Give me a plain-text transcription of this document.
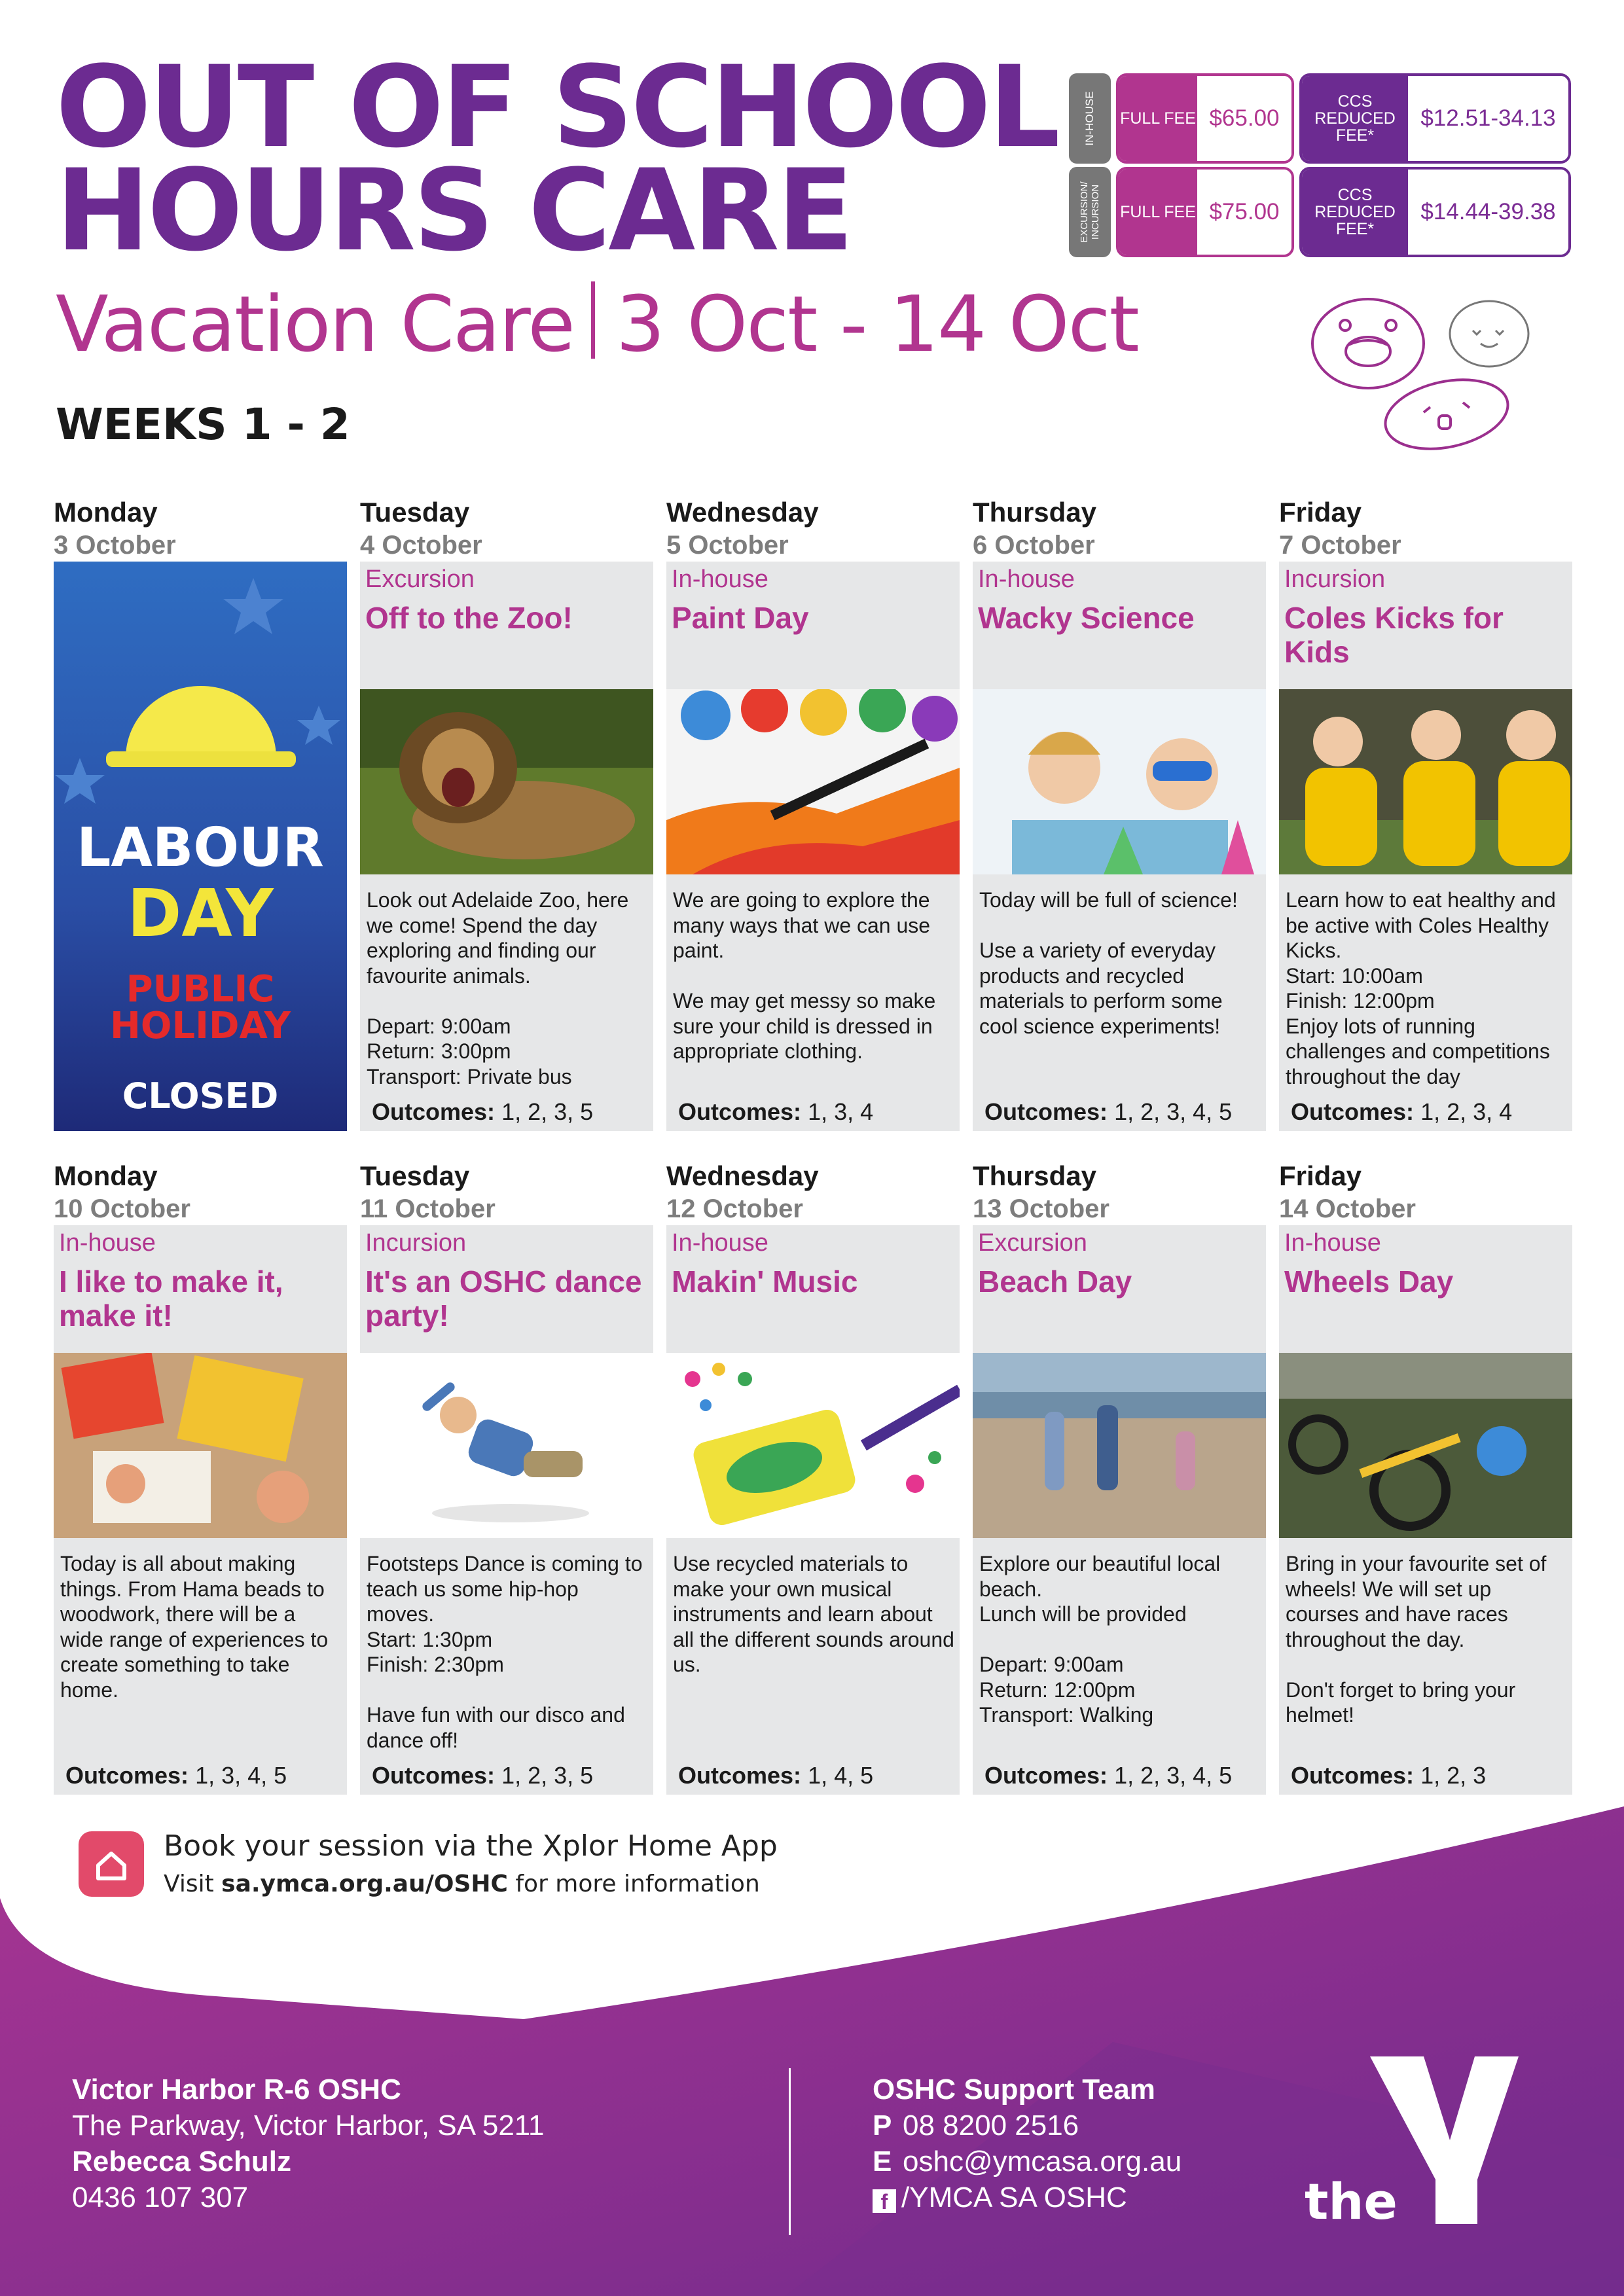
OUT OF SCHOOL
HOURS CARE
Vacation Care 3 Oct - 14 Oct
WEEKS 1 - 2
IN-HOUSE FULL FEE $65.00
CCS REDUCED FEE*
$12.51-34.13
EXCURSION/ INCURSION FULL FEE $75.00
CCS REDUCED FEE*
$14.44-39.38
Monday
3 October
LABOUR
DAY
PUBLIC
HOLIDAY
CLOSED
Tuesday
4 October
Excursion
Off to the Zoo!
Look out Adelaide Zoo, here we come! Spend the day exploring and finding our favourite animals.

Depart: 9:00am
Return: 3:00pm
Transport: Private bus
Outcomes: 1, 2, 3, 5
Wednesday
5 October
In-house
Paint Day
We are going to explore the many ways that we can use paint.

We may get messy so make sure your child is dressed in appropriate clothing.
Outcomes: 1, 3, 4
Thursday
6 October
In-house
Wacky Science
Today will be full of science!

Use a variety of everyday products and recycled materials to perform some cool science experiments!
Outcomes: 1, 2, 3, 4, 5
Friday
7 October
Incursion
Coles Kicks for Kids
Learn how to eat healthy and be active with Coles Healthy Kicks.
Start: 10:00am
Finish: 12:00pm
Enjoy lots of running challenges and competitions throughout the day
Outcomes: 1, 2, 3, 4
Monday
10 October
In-house
I like to make it, make it!
Today is all about making things. From Hama beads to woodwork, there will be a wide range of experiences to create something to take home.
Outcomes: 1, 3, 4, 5
Tuesday
11 October
Incursion
It's an OSHC dance party!
Footsteps Dance is coming to teach us some hip-hop moves.
Start: 1:30pm
Finish: 2:30pm

Have fun with our disco and dance off!
Outcomes: 1, 2, 3, 5
Wednesday
12 October
In-house
Makin' Music
Use recycled materials to make your own musical instruments and learn about all the different sounds around us.
Outcomes: 1, 4, 5
Thursday
13 October
Excursion
Beach Day
Explore our beautiful local beach.
Lunch will be provided

Depart: 9:00am
Return: 12:00pm
Transport: Walking
Outcomes: 1, 2, 3, 4, 5
Friday
14 October
In-house
Wheels Day
Bring in your favourite set of wheels! We will set up courses and have races throughout the day.

Don't forget to bring your helmet!
Outcomes: 1, 2, 3
Book your session via the Xplor Home App
Visit sa.ymca.org.au/OSHC for more information
Victor Harbor R-6 OSHC
The Parkway, Victor Harbor, SA 5211
Rebecca Schulz
0436 107 307
OSHC Support Team
P 08 8200 2516
E oshc@ymcasa.org.au
f /YMCA SA OSHC	the
